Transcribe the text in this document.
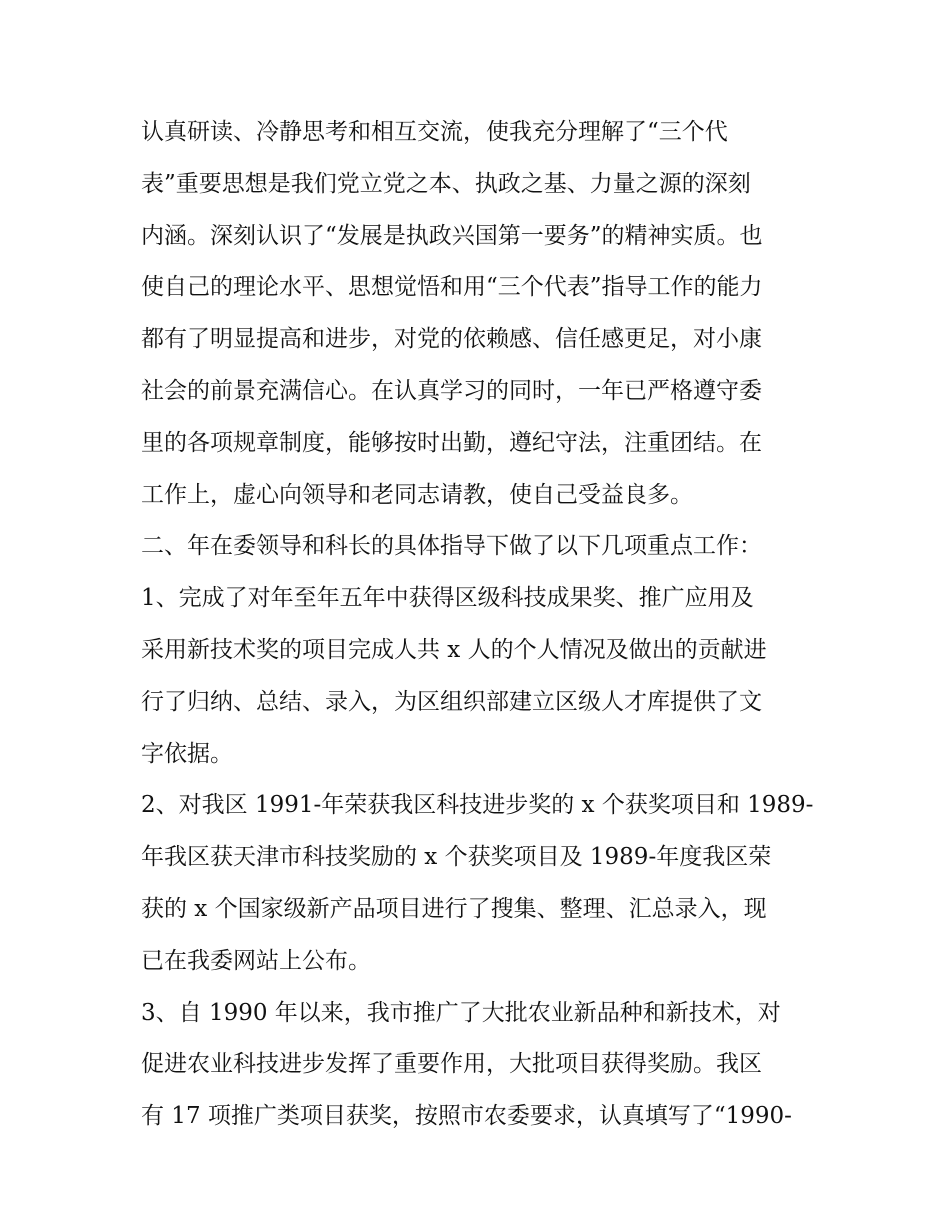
认真研读、冷静思考和相互交流，使我充分理解了“三个代
表”重要思想是我们党立党之本、执政之基、力量之源的深刻
内涵。深刻认识了“发展是执政兴国第一要务”的精神实质。也
使自己的理论水平、思想觉悟和用“三个代表”指导工作的能力
都有了明显提高和进步，对党的依赖感、信任感更足，对小康
社会的前景充满信心。在认真学习的同时，一年已严格遵守委
里的各项规章制度，能够按时出勤，遵纪守法，注重团结。在
工作上，虚心向领导和老同志请教，使自己受益良多。
二、年在委领导和科长的具体指导下做了以下几项重点工作：
1、完成了对年至年五年中获得区级科技成果奖、推广应用及
采用新技术奖的项目完成人共 x 人的个人情况及做出的贡献进
行了归纳、总结、录入，为区组织部建立区级人才库提供了文
字依据。
2、对我区 1991-年荣获我区科技进步奖的 x 个获奖项目和 1989-
年我区获天津市科技奖励的 x 个获奖项目及 1989-年度我区荣
获的 x 个国家级新产品项目进行了搜集、整理、汇总录入，现
已在我委网站上公布。
3、自 1990 年以来，我市推广了大批农业新品种和新技术，对
促进农业科技进步发挥了重要作用，大批项目获得奖励。我区
有 17 项推广类项目获奖，按照市农委要求，认真填写了“1990-
